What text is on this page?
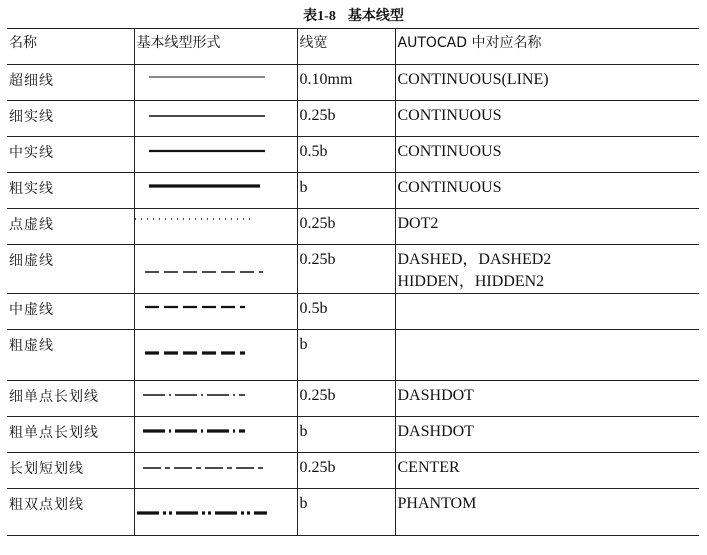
表1-8 基本线型
名称	基本线型形式	线宽	AUTOCAD 中对应名称
超细线		0.10mm	CONTINUOUS(LINE)

细实线		0.25b	CONTINUOUS

中实线		0.5b	CONTINUOUS

粗实线		b	CONTINUOUS

点虚线		0.25b	DOT2

细虚线		0.25b	DASHED，DASHED2
HIDDEN，HIDDEN2

中虚线		0.5b	
粗虚线		b	
细单点长划线		0.25b	DASHDOT

粗单点长划线		b	DASHDOT

长划短划线		0.25b	CENTER

粗双点划线		b	PHANTOM
